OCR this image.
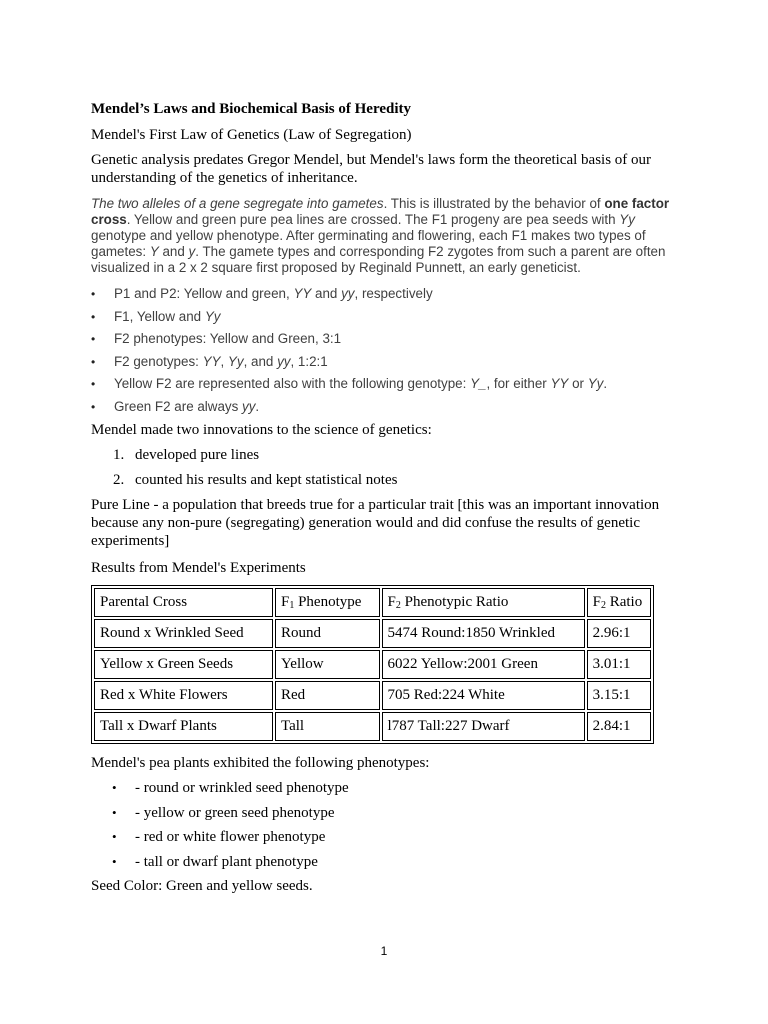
Mendel’s Laws and Biochemical Basis of Heredity

Mendel's First Law of Genetics (Law of Segregation)

Genetic analysis predates Gregor Mendel, but Mendel's laws form the theoretical basis of our understanding of the genetics of inheritance.

The two alleles of a gene segregate into gametes. This is illustrated by the behavior of one factor cross. Yellow and green pure pea lines are crossed. The F1 progeny are pea seeds with Yy genotype and yellow phenotype. After germinating and flowering, each F1 makes two types of gametes: Y and y. The gamete types and corresponding F2 zygotes from such a parent are often visualized in a 2 x 2 square first proposed by Reginald Punnett, an early geneticist.

• P1 and P2: Yellow and green, YY and yy, respectively
• F1, Yellow and Yy
• F2 phenotypes: Yellow and Green, 3:1
• F2 genotypes: YY, Yy, and yy, 1:2:1
• Yellow F2 are represented also with the following genotype: Y_, for either YY or Yy.
• Green F2 are always yy.

Mendel made two innovations to the science of genetics:

1. developed pure lines
2. counted his results and kept statistical notes

Pure Line - a population that breeds true for a particular trait [this was an important innovation because any non-pure (segregating) generation would and did confuse the results of genetic experiments]

Results from Mendel's Experiments

Parental Cross	$F_1$ Phenotype	$F_2$ Phenotypic Ratio	$F_2$ Ratio
Round x Wrinkled Seed	Round	5474 Round:1850 Wrinkled	2.96:1
Yellow x Green Seeds	Yellow	6022 Yellow:2001 Green	3.01:1
Red x White Flowers	Red	705 Red:224 White	3.15:1
Tall x Dwarf Plants	Tall	l787 Tall:227 Dwarf	2.84:1

Mendel's pea plants exhibited the following phenotypes:

• - round or wrinkled seed phenotype
• - yellow or green seed phenotype
• - red or white flower phenotype
• - tall or dwarf plant phenotype

Seed Color: Green and yellow seeds.

1
